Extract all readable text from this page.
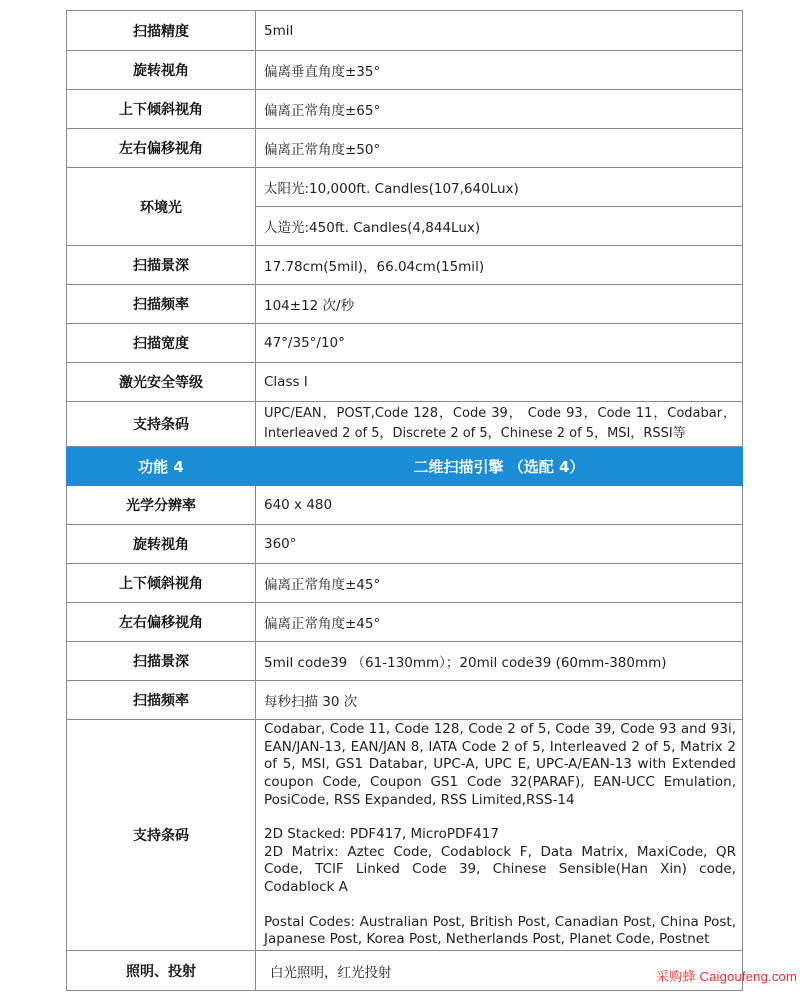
扫描精度	5mil
旋转视角	偏离垂直角度±35°
上下倾斜视角	偏离正常角度±65°
左右偏移视角	偏离正常角度±50°
环境光	太阳光:10,000ft. Candles(107,640Lux)
	人造光:450ft. Candles(4,844Lux)
扫描景深	17.78cm(5mil)，66.04cm(15mil)
扫描频率	104±12 次/秒
扫描宽度	47°/35°/10°
激光安全等级	Class I
支持条码	UPC/EAN，POST,Code 128，Code 39， Code 93，Code 11，Codabar，Interleaved 2 of 5，Discrete 2 of 5，Chinese 2 of 5，MSI，RSSI等
功能 4	二维扫描引擎 （选配 4）
光学分辨率	640 x 480
旋转视角	360°
上下倾斜视角	偏离正常角度±45°
左右偏移视角	偏离正常角度±45°
扫描景深	5mil code39 （61-130mm）；20mil code39 (60mm-380mm)
扫描频率	每秒扫描 30 次
支持条码	Codabar, Code 11, Code 128, Code 2 of 5, Code 39, Code 93 and 93i, EAN/JAN-13, EAN/JAN 8, IATA Code 2 of 5, Interleaved 2 of 5, Matrix 2 of 5, MSI, GS1 Databar, UPC-A, UPC E, UPC-A/EAN-13 with Extended coupon Code, Coupon GS1 Code 32(PARAF), EAN-UCC Emulation, PosiCode, RSS Expanded, RSS Limited,RSS-14
2D Stacked: PDF417, MicroPDF417
2D Matrix: Aztec Code, Codablock F, Data Matrix, MaxiCode, QR Code, TCIF Linked Code 39, Chinese Sensible(Han Xin) code, Codablock A
Postal Codes: Australian Post, British Post, Canadian Post, China Post, Japanese Post, Korea Post, Netherlands Post, Planet Code, Postnet

照明、投射	白光照明，红光投射	采购蜂 Caigoufeng.com
